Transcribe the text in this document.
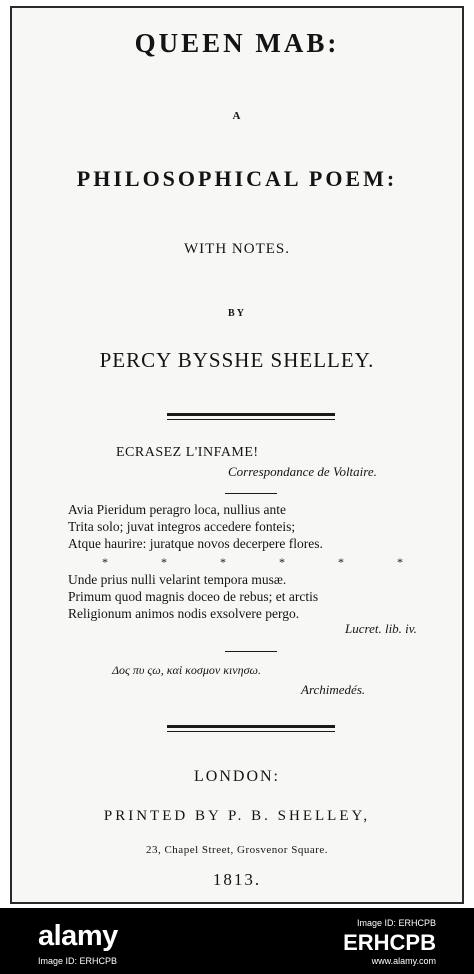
QUEEN MAB:
A
PHILOSOPHICAL POEM:
WITH NOTES.
BY
PERCY BYSSHE SHELLEY.
ECRASEZ L'INFAME!
Correspondance de Voltaire.
Avia Pieridum peragro loca, nullius ante
Trita solo; juvat integros accedere fonteis;
Atque haurire: juratque novos decerpere flores.
* * * * * *
Unde prius nulli velarint tempora musæ.
Primum quod magnis doceo de rebus; et arctis
Religionum animos nodis exsolvere pergo.
Lucret. lib. iv.
Δος πυ ςω, καὶ κοσμον κινησω.
Archimedés.
LONDON:
PRINTED BY P. B. SHELLEY,
23, Chapel Street, Grosvenor Square.
1813.
alamy
Image ID: ERHCPB
Image ID: ERHCPB
ERHCPB
www.alamy.com
